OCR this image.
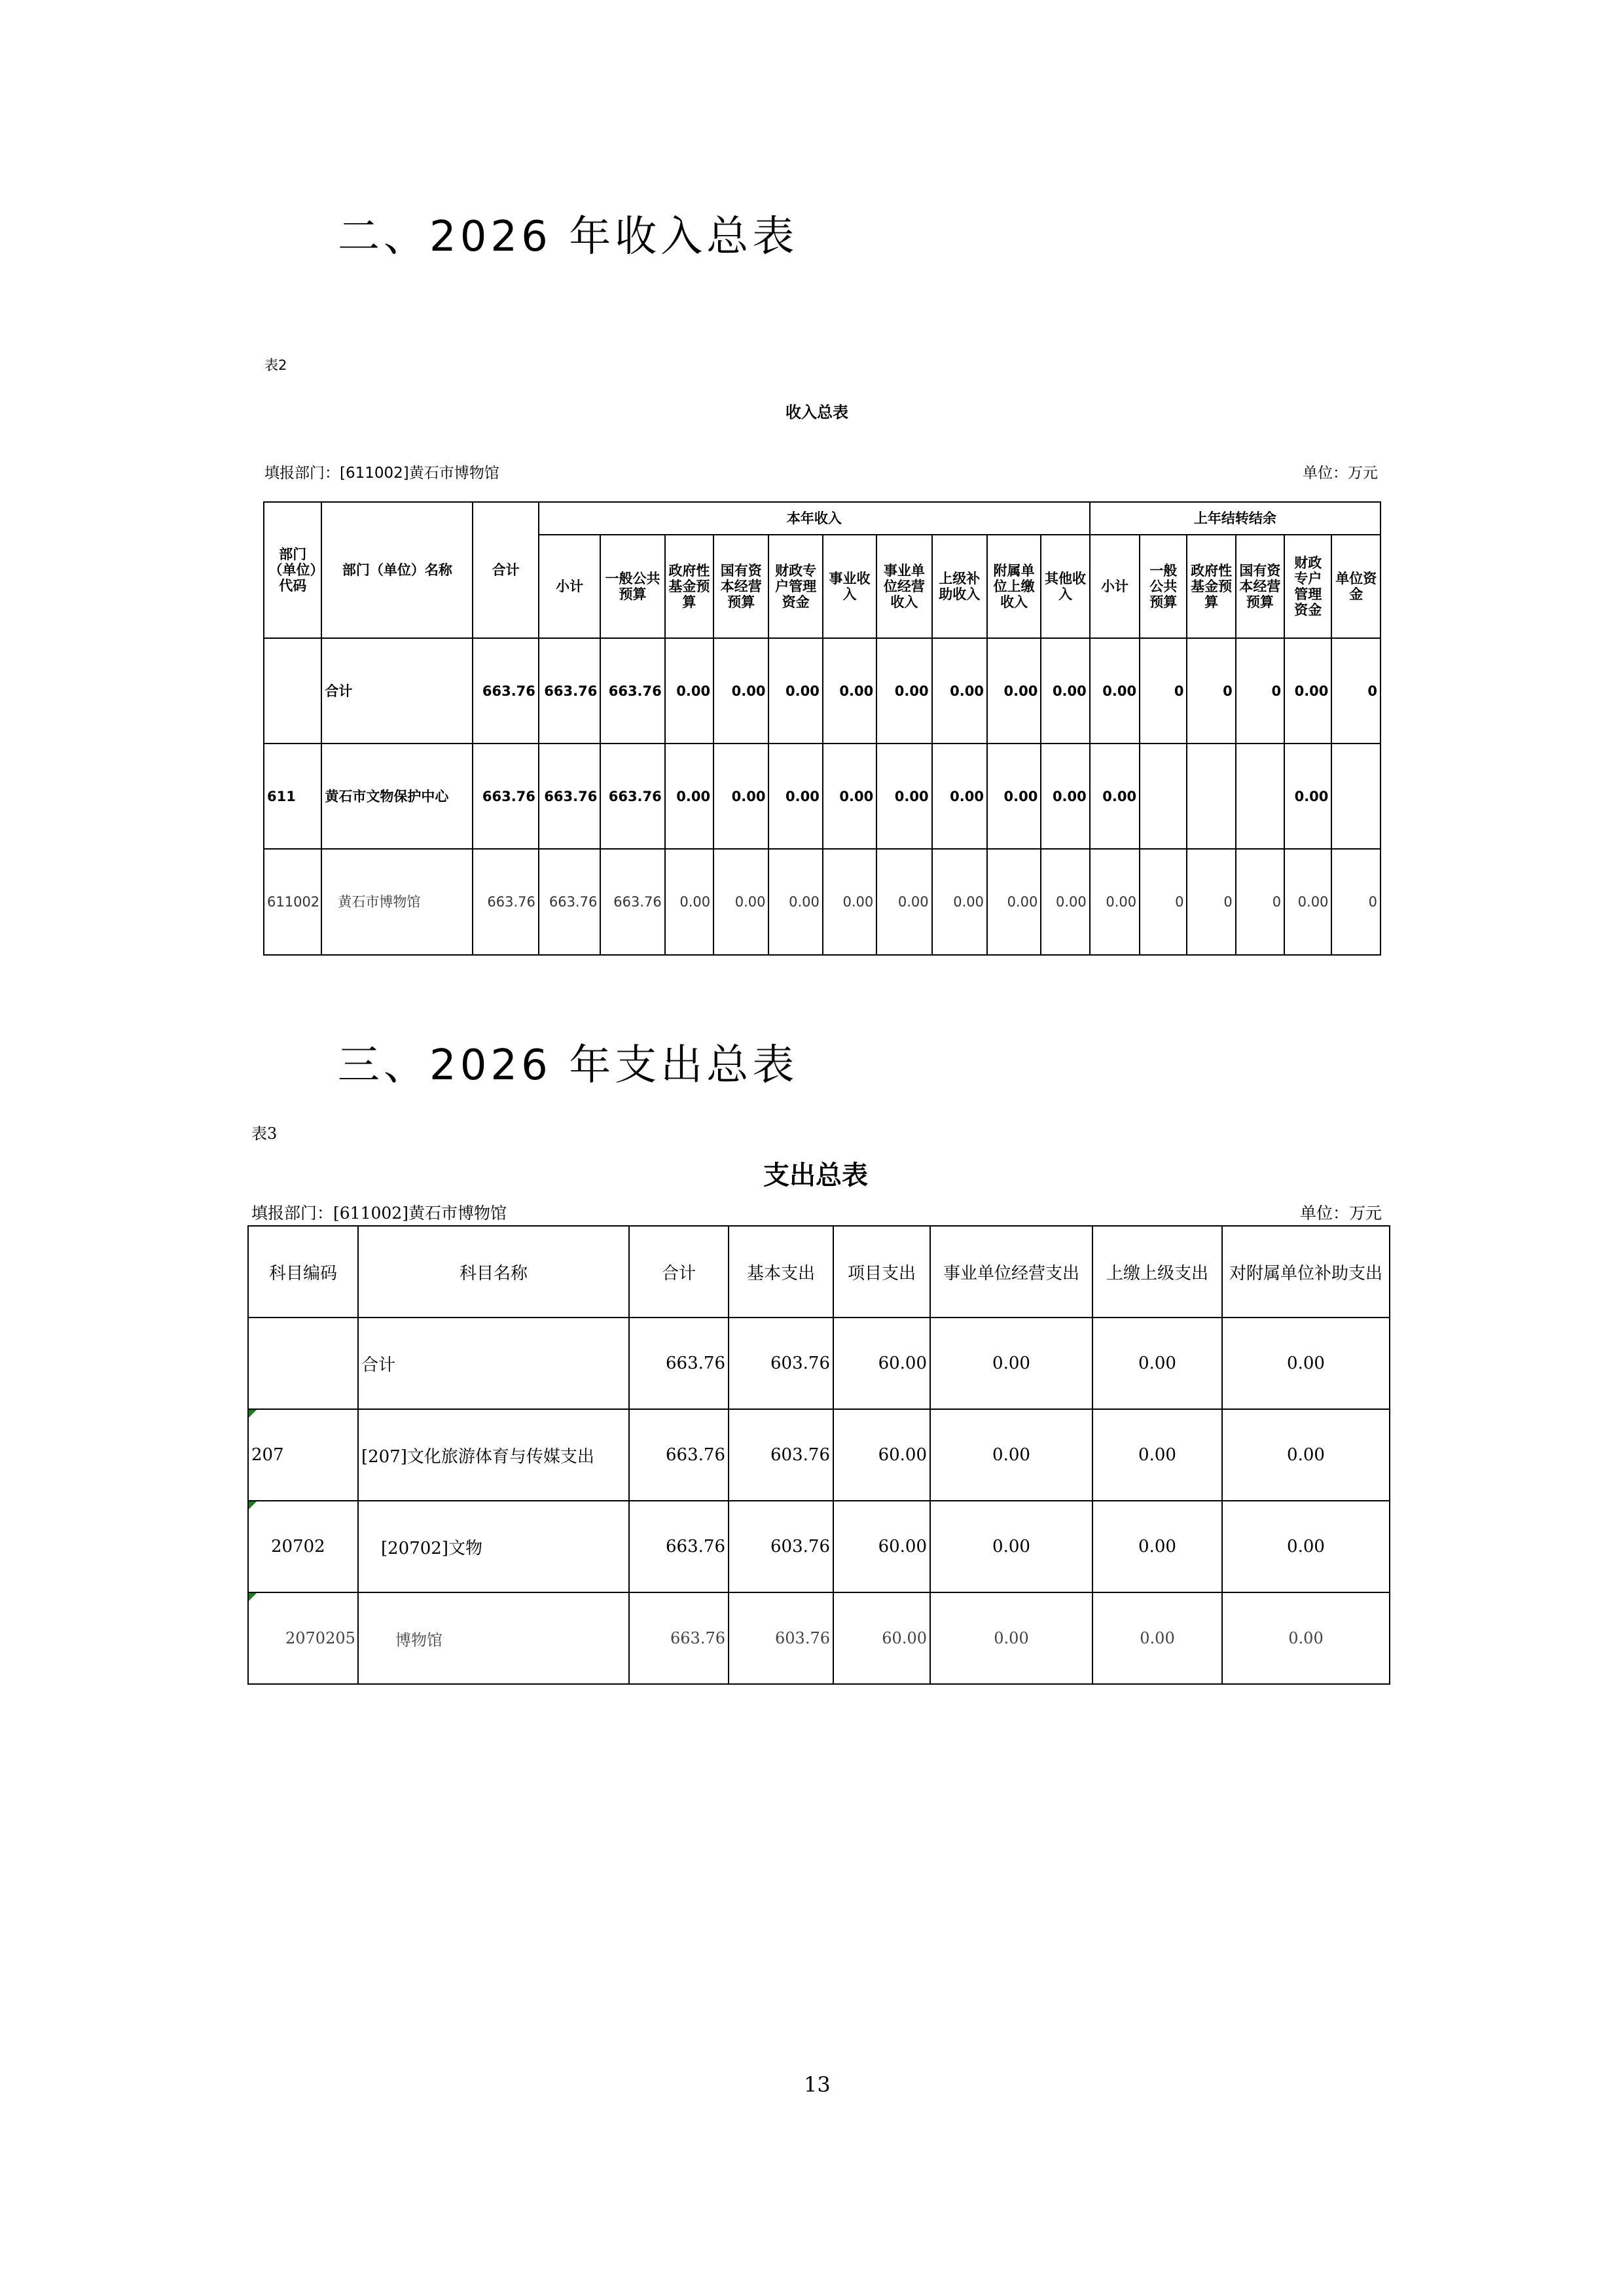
二、2026 年收入总表
表2
收入总表
填报部门：[611002]黄石市博物馆	单位：万元
部门（单位）代码	部门（单位）名称	合计	本年收入										上年结转结余					
			小计	一般公共预算	政府性基金预算	国有资本经营预算	财政专户管理资金	事业收入	事业单位经营收入	上级补助收入	附属单位上缴收入	其他收入	小计	一般公共预算	政府性基金预算	国有资本经营预算	财政专户管理资金	单位资金
	合计	663.76	663.76	663.76	0.00	0.00	0.00	0.00	0.00	0.00	0.00	0.00	0.00	0	0	0	0.00	0
611	黄石市文物保护中心	663.76	663.76	663.76	0.00	0.00	0.00	0.00	0.00	0.00	0.00	0.00	0.00				0.00	
611002	黄石市博物馆	663.76	663.76	663.76	0.00	0.00	0.00	0.00	0.00	0.00	0.00	0.00	0.00	0	0	0	0.00	0
三、2026 年支出总表
表3
支出总表
填报部门：[611002]黄石市博物馆	单位：万元
科目编码	科目名称	合计	基本支出	项目支出	事业单位经营支出	上缴上级支出	对附属单位补助支出
	合计	663.76	603.76	60.00	0.00	0.00	0.00
207	[207]文化旅游体育与传媒支出	663.76	603.76	60.00	0.00	0.00	0.00
20702	[20702]文物	663.76	603.76	60.00	0.00	0.00	0.00
2070205	博物馆	663.76	603.76	60.00	0.00	0.00	0.00
13
